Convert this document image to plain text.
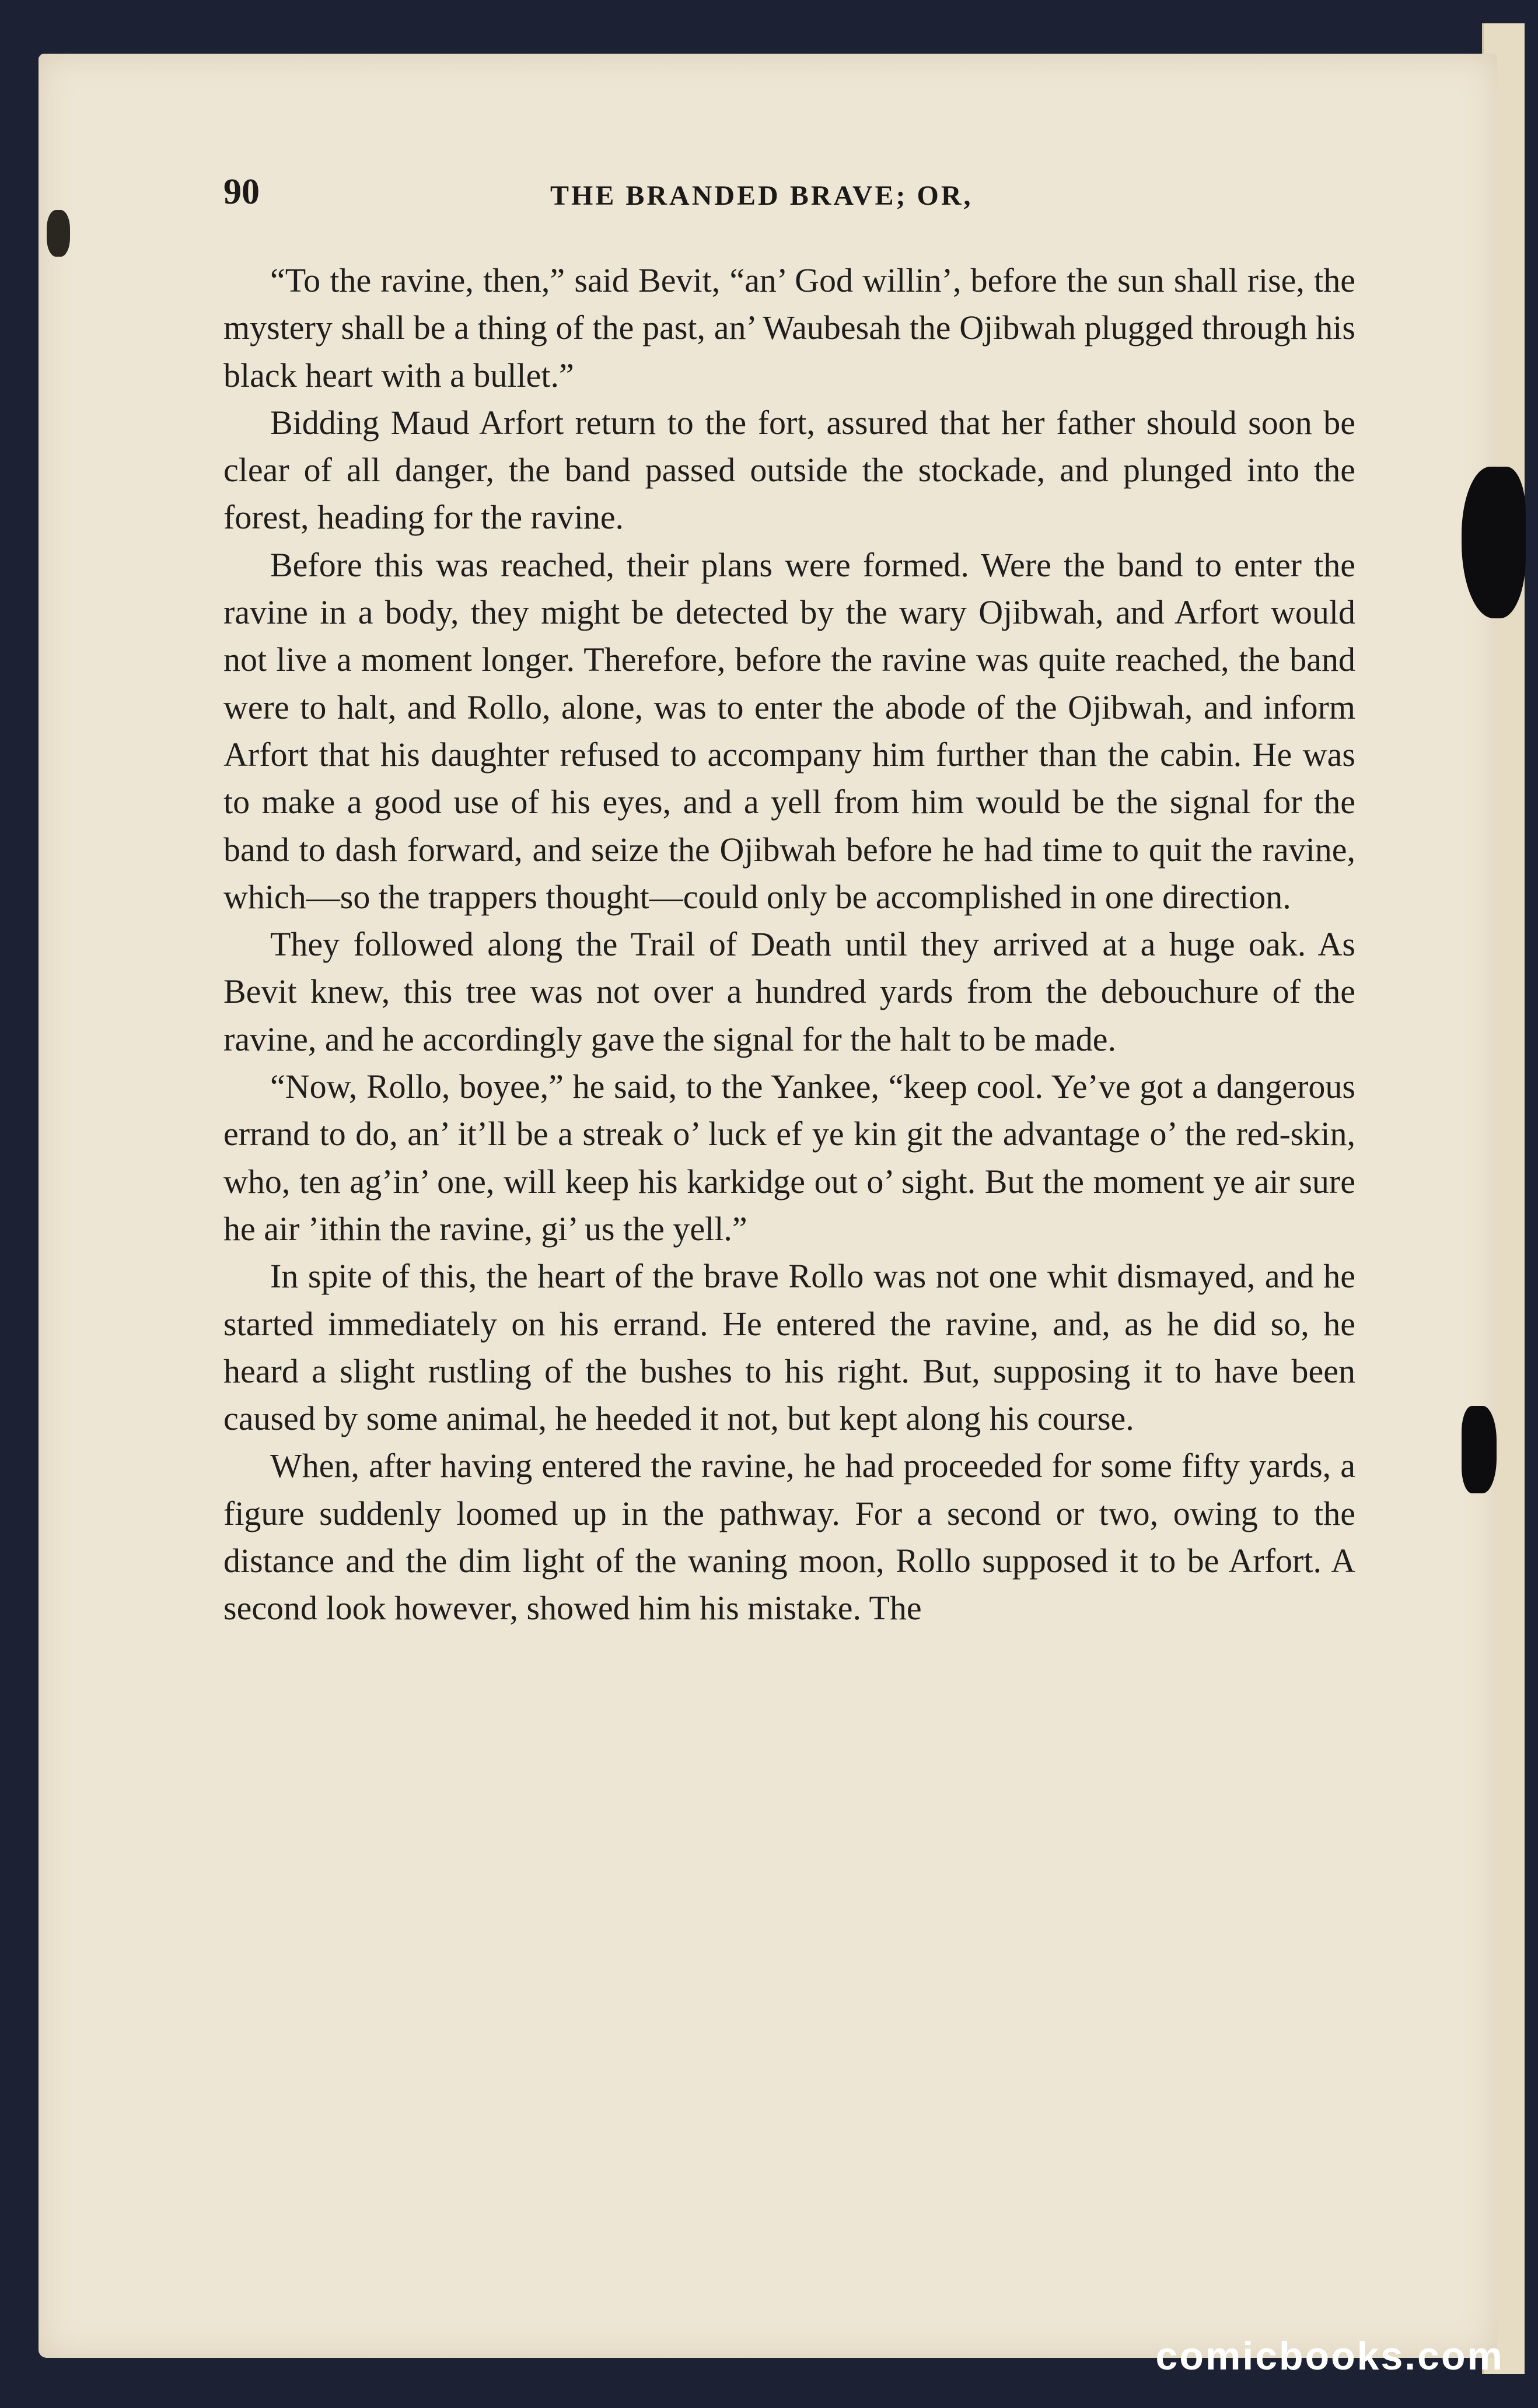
90	THE BRANDED BRAVE; OR,

“To the ravine, then,” said Bevit, “an’ God willin’, before the sun shall rise, the mystery shall be a thing of the past, an’ Waubesah the Ojibwah plugged through his black heart with a bullet.”

Bidding Maud Arfort return to the fort, assured that her father should soon be clear of all danger, the band passed outside the stockade, and plunged into the forest, heading for the ravine.

Before this was reached, their plans were formed. Were the band to enter the ravine in a body, they might be detected by the wary Ojibwah, and Arfort would not live a moment longer. Therefore, before the ravine was quite reached, the band were to halt, and Rollo, alone, was to enter the abode of the Ojibwah, and inform Arfort that his daughter refused to accompany him further than the cabin. He was to make a good use of his eyes, and a yell from him would be the signal for the band to dash forward, and seize the Ojibwah before he had time to quit the ravine, which—so the trappers thought—could only be accomplished in one direction.

They followed along the Trail of Death until they arrived at a huge oak. As Bevit knew, this tree was not over a hundred yards from the debouchure of the ravine, and he accordingly gave the signal for the halt to be made.

“Now, Rollo, boyee,” he said, to the Yankee, “keep cool. Ye’ve got a dangerous errand to do, an’ it’ll be a streak o’ luck ef ye kin git the advantage o’ the red-skin, who, ten ag’in’ one, will keep his karkidge out o’ sight. But the moment ye air sure he air ’ithin the ravine, gi’ us the yell.”

In spite of this, the heart of the brave Rollo was not one whit dismayed, and he started immediately on his errand. He entered the ravine, and, as he did so, he heard a slight rustling of the bushes to his right. But, supposing it to have been caused by some animal, he heeded it not, but kept along his course.

When, after having entered the ravine, he had proceeded for some fifty yards, a figure suddenly loomed up in the pathway. For a second or two, owing to the distance and the dim light of the waning moon, Rollo supposed it to be Arfort. A second look however, showed him his mistake. The

comicbooks.com
